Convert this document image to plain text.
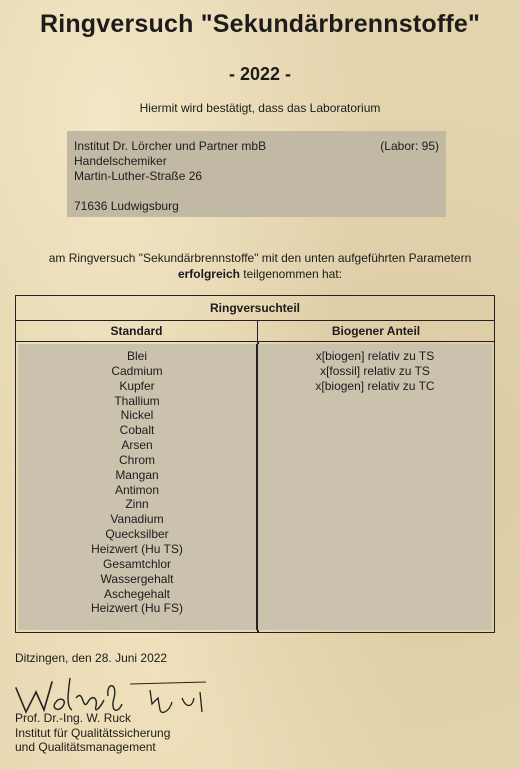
Ringversuch "Sekundärbrennstoffe"
- 2022 -
Hiermit wird bestätigt, dass das Laboratorium
Institut Dr. Lörcher und Partner mbB	(Labor: 95)
Handelschemiker
Martin-Luther-Straße 26
71636 Ludwigsburg
am Ringversuch "Sekundärbrennstoffe" mit den unten aufgeführten Parametern
erfolgreich teilgenommen hat:
Ringversuchteil
Standard	Biogener Anteil
Blei
Cadmium
Kupfer
Thallium
Nickel
Cobalt
Arsen
Chrom
Mangan
Antimon
Zinn
Vanadium
Quecksilber
Heizwert (Hu TS)
Gesamtchlor
Wassergehalt
Aschegehalt
Heizwert (Hu FS)
x[biogen] relativ zu TS
x[fossil] relativ zu TS
x[biogen] relativ zu TC
Ditzingen, den 28. Juni 2022
Prof. Dr.-Ing. W. Ruck
Institut für Qualitätssicherung
und Qualitätsmanagement
